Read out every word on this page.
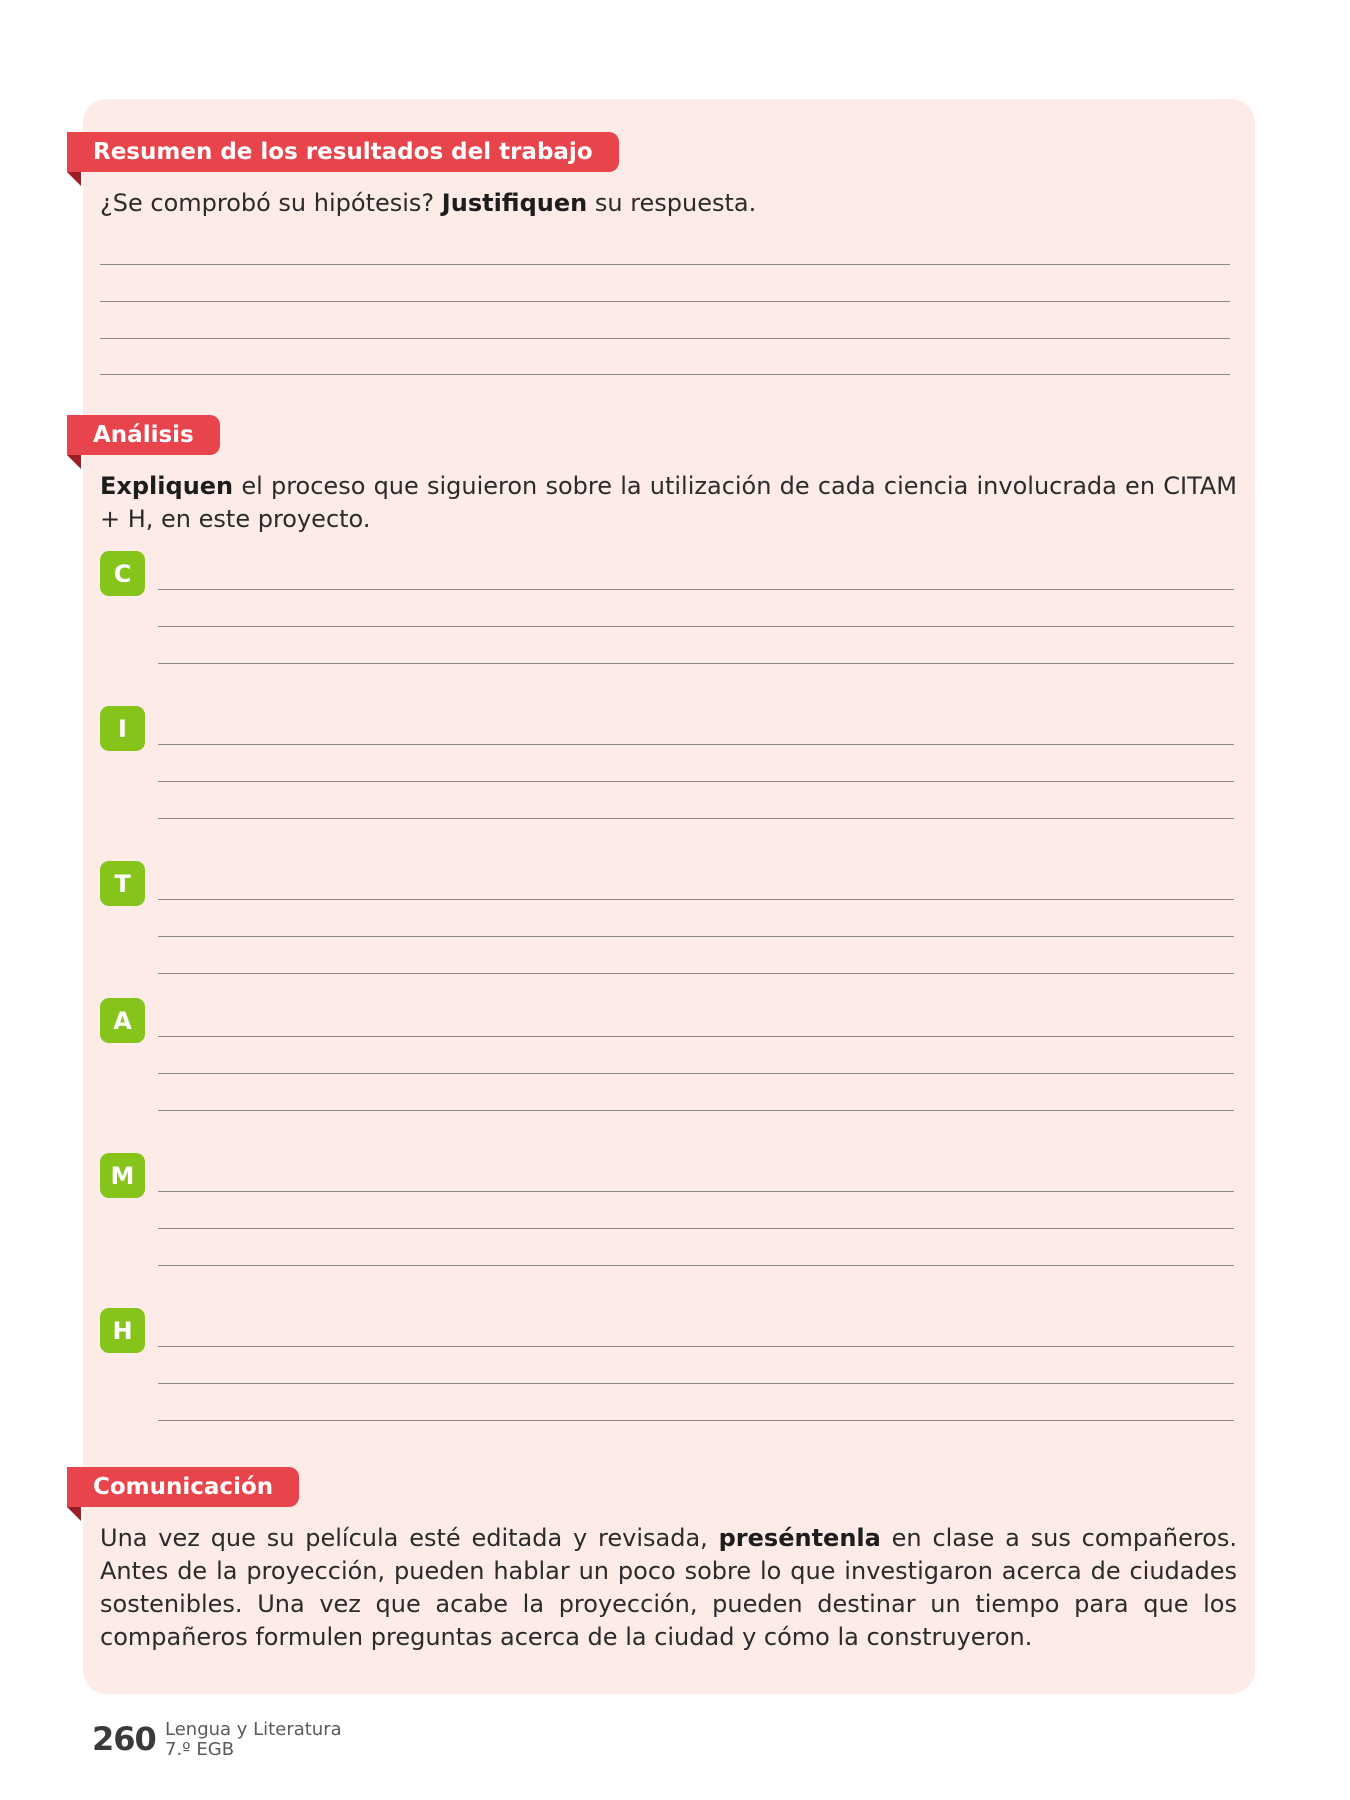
Resumen de los resultados del trabajo
¿Se comprobó su hipótesis? Justifiquen su respuesta.
Análisis
Expliquen el proceso que siguieron sobre la utilización de cada ciencia involucrada en CITAM + H, en este proyecto.
C
I
T
A
M
H
Comunicación
Una vez que su película esté editada y revisada, preséntenla en clase a sus compañeros. Antes de la proyección, pueden hablar un poco sobre lo que investigaron acerca de ciudades sostenibles. Una vez que acabe la proyección, pueden destinar un tiempo para que los compañeros formulen preguntas acerca de la ciudad y cómo la construyeron.
260 Lengua y Literatura
7.º EGB
